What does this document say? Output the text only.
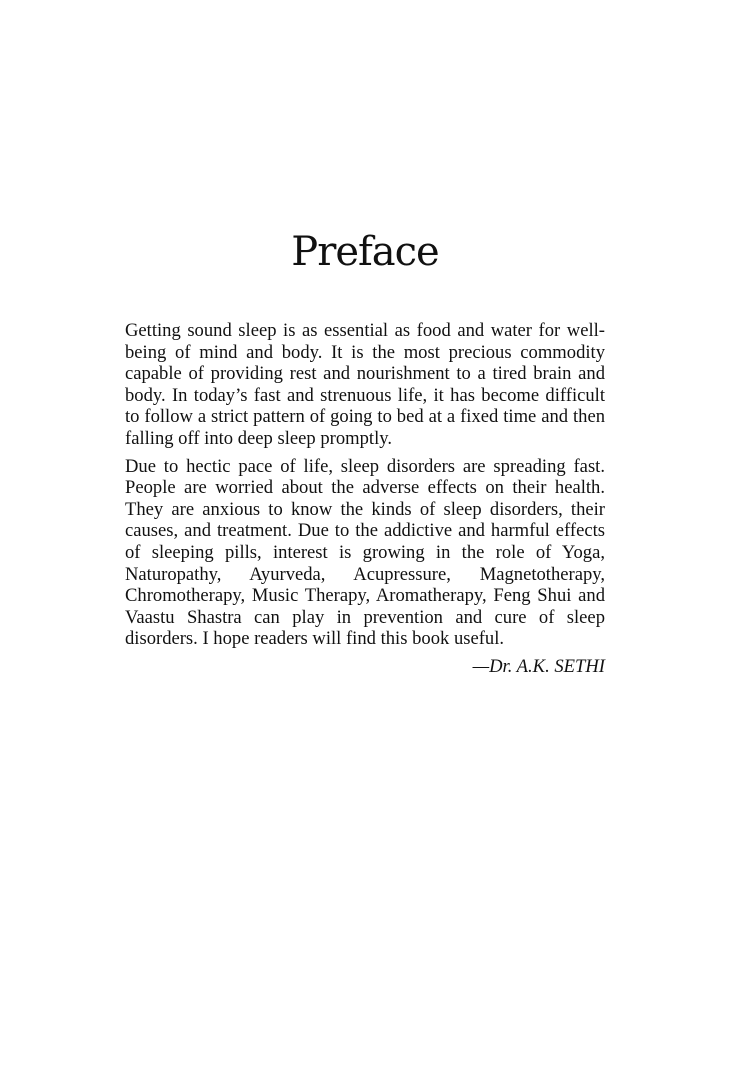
Preface

Getting sound sleep is as essential as food and water for well-being of mind and body. It is the most precious commodity capable of providing rest and nourishment to a tired brain and body. In today’s fast and strenuous life, it has become difficult to follow a strict pattern of going to bed at a fixed time and then falling off into deep sleep promptly.

Due to hectic pace of life, sleep disorders are spreading fast. People are worried about the adverse effects on their health. They are anxious to know the kinds of sleep disorders, their causes, and treatment. Due to the addictive and harmful effects of sleeping pills, interest is growing in the role of Yoga, Naturopathy, Ayurveda, Acupressure, Magnetotherapy, Chromotherapy, Music Therapy, Aromatherapy, Feng Shui and Vaastu Shastra can play in prevention and cure of sleep disorders. I hope readers will find this book useful.

—Dr. A.K. SETHI
